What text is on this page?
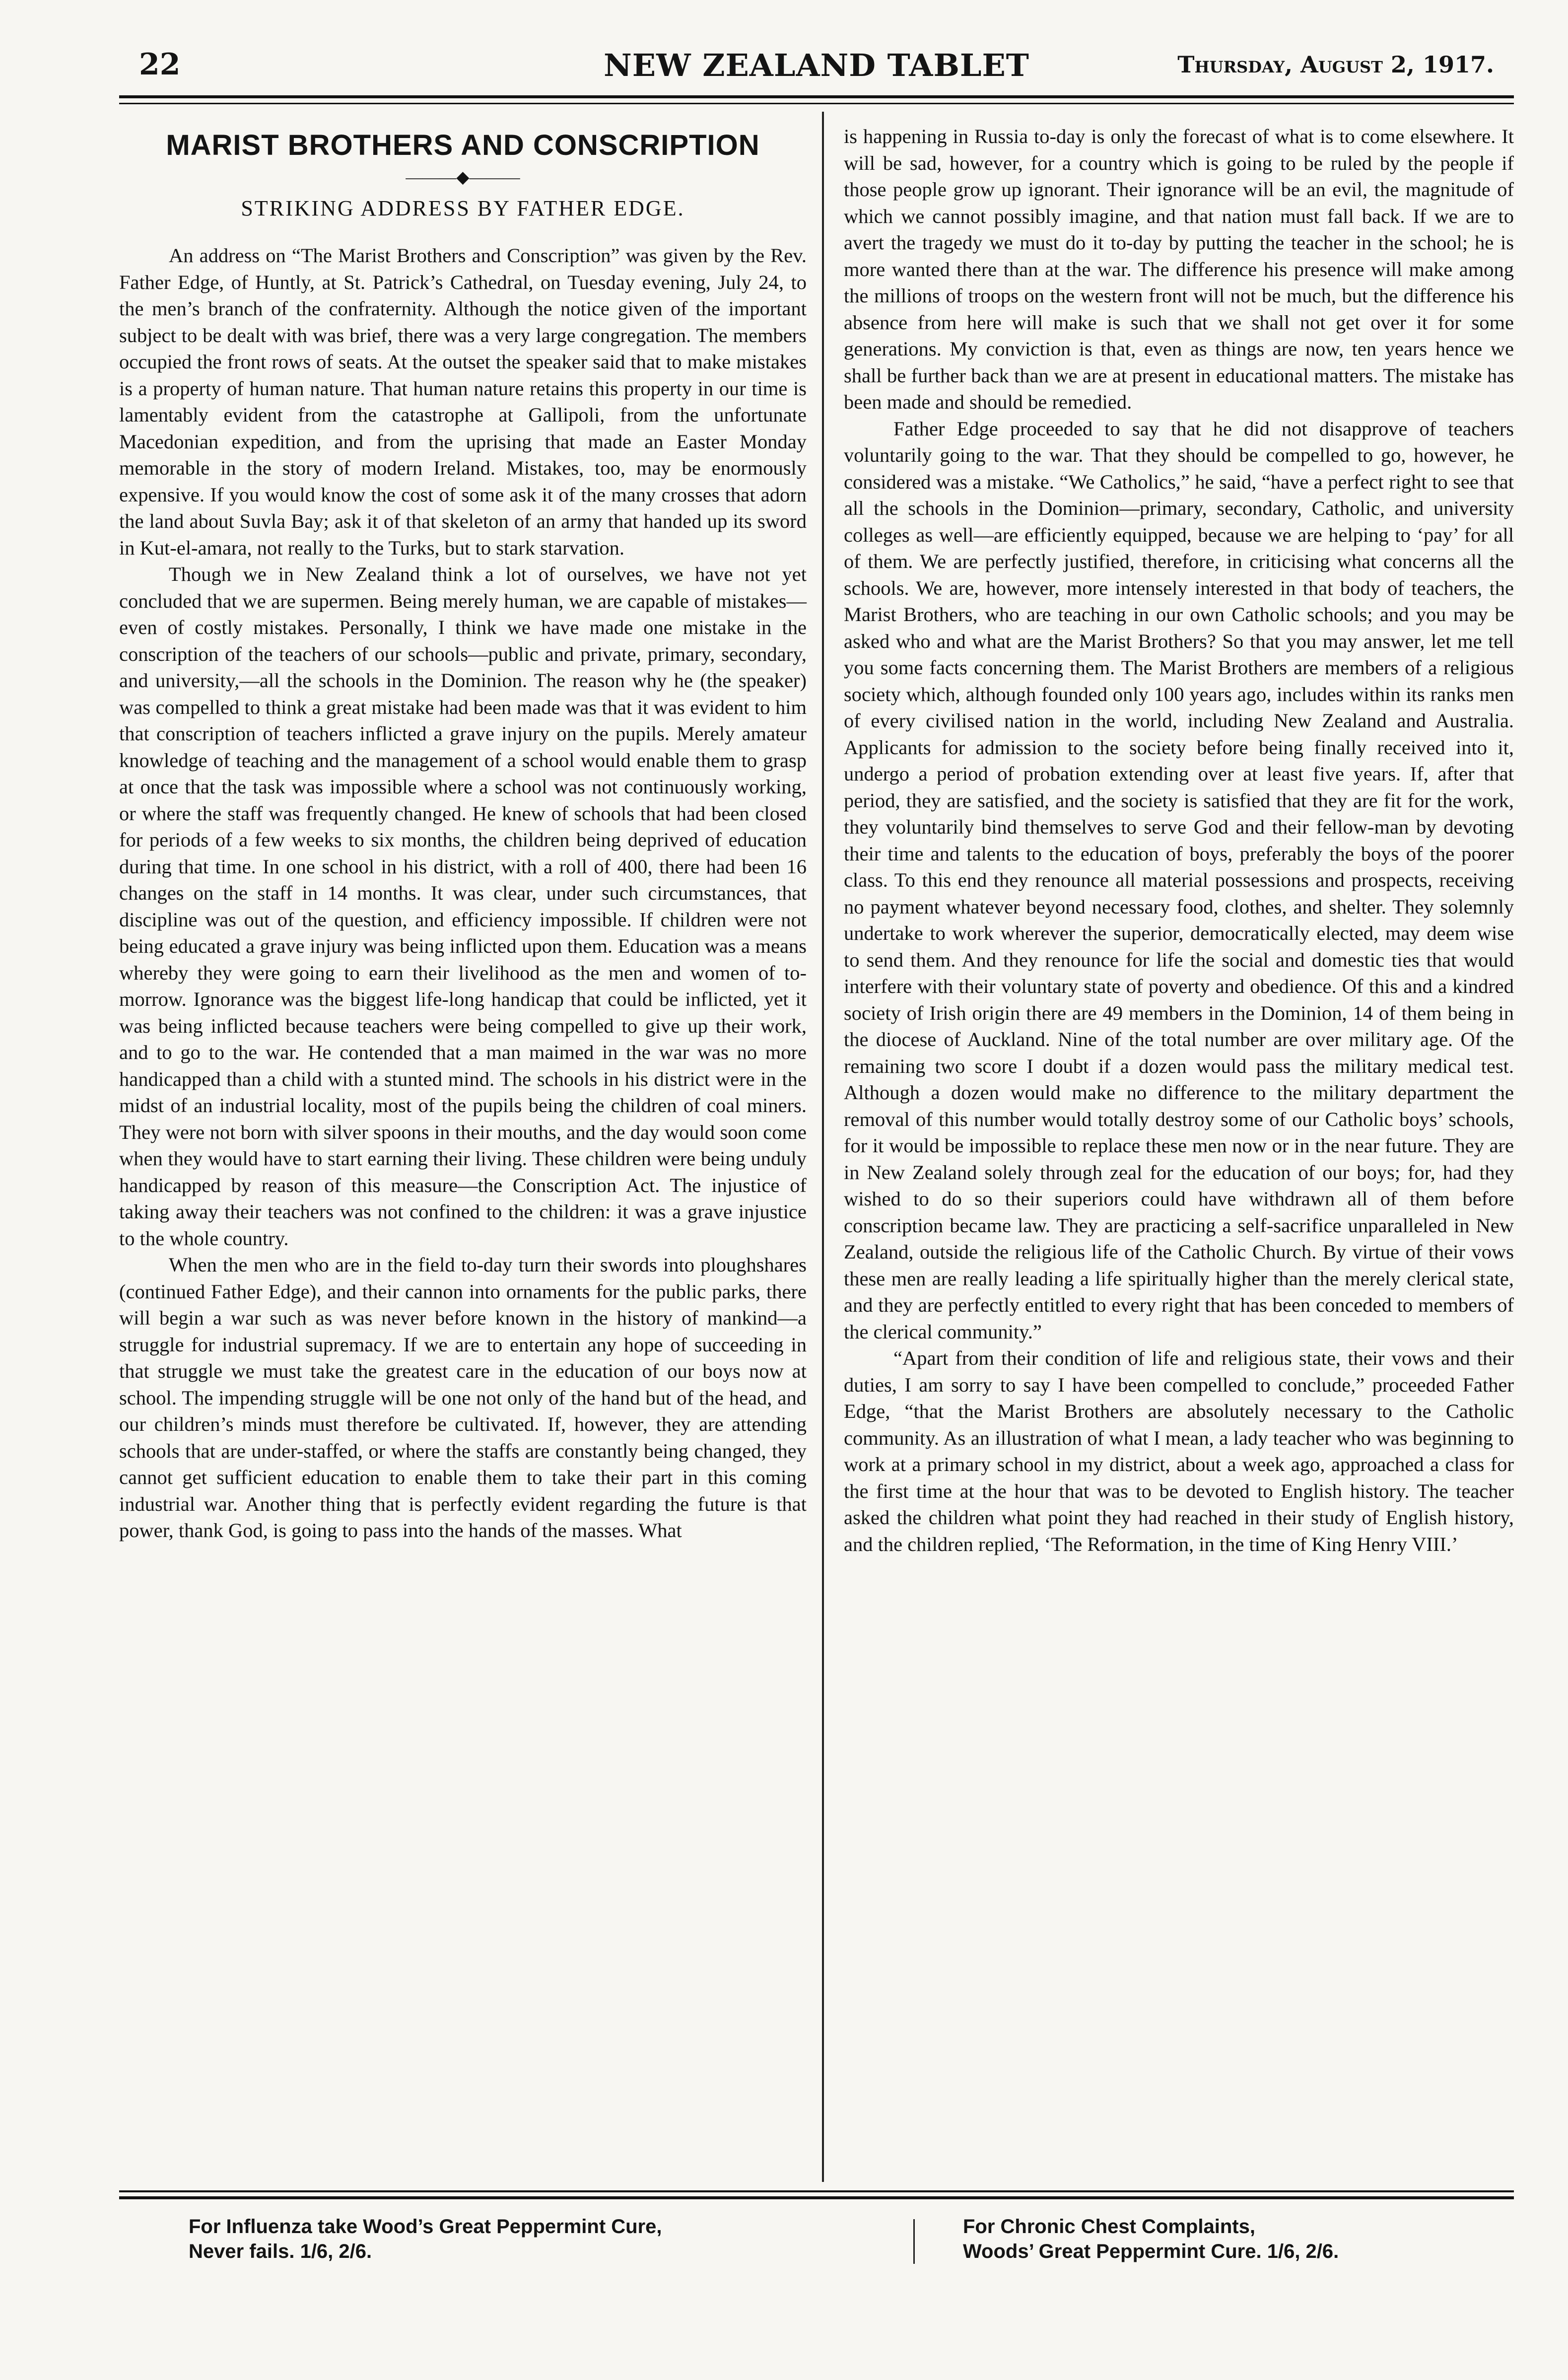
22	NEW ZEALAND TABLET	Thursday, August 2, 1917.
MARIST BROTHERS AND CONSCRIPTION
———◆———
STRIKING ADDRESS BY FATHER EDGE.

An address on “The Marist Brothers and Conscription” was given by the Rev. Father Edge, of Huntly, at St. Patrick’s Cathedral, on Tuesday evening, July 24, to the men’s branch of the confraternity. Although the notice given of the important subject to be dealt with was brief, there was a very large congregation. The members occupied the front rows of seats. At the outset the speaker said that to make mistakes is a property of human nature. That human nature retains this property in our time is lamentably evident from the catastrophe at Gallipoli, from the unfortunate Macedonian expedition, and from the uprising that made an Easter Monday memorable in the story of modern Ireland. Mistakes, too, may be enormously expensive. If you would know the cost of some ask it of the many crosses that adorn the land about Suvla Bay; ask it of that skeleton of an army that handed up its sword in Kut-el-amara, not really to the Turks, but to stark starvation.

Though we in New Zealand think a lot of ourselves, we have not yet concluded that we are supermen. Being merely human, we are capable of mistakes—even of costly mistakes. Personally, I think we have made one mistake in the conscription of the teachers of our schools—public and private, primary, secondary, and university,—all the schools in the Dominion. The reason why he (the speaker) was compelled to think a great mistake had been made was that it was evident to him that conscription of teachers inflicted a grave injury on the pupils. Merely amateur knowledge of teaching and the management of a school would enable them to grasp at once that the task was impossible where a school was not continuously working, or where the staff was frequently changed. He knew of schools that had been closed for periods of a few weeks to six months, the children being deprived of education during that time. In one school in his district, with a roll of 400, there had been 16 changes on the staff in 14 months. It was clear, under such circumstances, that discipline was out of the question, and efficiency impossible. If children were not being educated a grave injury was being inflicted upon them. Education was a means whereby they were going to earn their livelihood as the men and women of to-morrow. Ignorance was the biggest life-long handicap that could be inflicted, yet it was being inflicted because teachers were being compelled to give up their work, and to go to the war. He contended that a man maimed in the war was no more handicapped than a child with a stunted mind. The schools in his district were in the midst of an industrial locality, most of the pupils being the children of coal miners. They were not born with silver spoons in their mouths, and the day would soon come when they would have to start earning their living. These children were being unduly handicapped by reason of this measure—the Conscription Act. The injustice of taking away their teachers was not confined to the children: it was a grave injustice to the whole country.

When the men who are in the field to-day turn their swords into ploughshares (continued Father Edge), and their cannon into ornaments for the public parks, there will begin a war such as was never before known in the history of mankind—a struggle for industrial supremacy. If we are to entertain any hope of succeeding in that struggle we must take the greatest care in the education of our boys now at school. The impending struggle will be one not only of the hand but of the head, and our children’s minds must therefore be cultivated. If, however, they are attending schools that are under-staffed, or where the staffs are constantly being changed, they cannot get sufficient education to enable them to take their part in this coming industrial war. Another thing that is perfectly evident regarding the future is that power, thank God, is going to pass into the hands of the masses. What

is happening in Russia to-day is only the forecast of what is to come elsewhere. It will be sad, however, for a country which is going to be ruled by the people if those people grow up ignorant. Their ignorance will be an evil, the magnitude of which we cannot possibly imagine, and that nation must fall back. If we are to avert the tragedy we must do it to-day by putting the teacher in the school; he is more wanted there than at the war. The difference his presence will make among the millions of troops on the western front will not be much, but the difference his absence from here will make is such that we shall not get over it for some generations. My conviction is that, even as things are now, ten years hence we shall be further back than we are at present in educational matters. The mistake has been made and should be remedied.

Father Edge proceeded to say that he did not disapprove of teachers voluntarily going to the war. That they should be compelled to go, however, he considered was a mistake. “We Catholics,” he said, “have a perfect right to see that all the schools in the Dominion—primary, secondary, Catholic, and university colleges as well—are efficiently equipped, because we are helping to ‘pay’ for all of them. We are perfectly justified, therefore, in criticising what concerns all the schools. We are, however, more intensely interested in that body of teachers, the Marist Brothers, who are teaching in our own Catholic schools; and you may be asked who and what are the Marist Brothers? So that you may answer, let me tell you some facts concerning them. The Marist Brothers are members of a religious society which, although founded only 100 years ago, includes within its ranks men of every civilised nation in the world, including New Zealand and Australia. Applicants for admission to the society before being finally received into it, undergo a period of probation extending over at least five years. If, after that period, they are satisfied, and the society is satisfied that they are fit for the work, they voluntarily bind themselves to serve God and their fellow-man by devoting their time and talents to the education of boys, preferably the boys of the poorer class. To this end they renounce all material possessions and prospects, receiving no payment whatever beyond necessary food, clothes, and shelter. They solemnly undertake to work wherever the superior, democratically elected, may deem wise to send them. And they renounce for life the social and domestic ties that would interfere with their voluntary state of poverty and obedience. Of this and a kindred society of Irish origin there are 49 members in the Dominion, 14 of them being in the diocese of Auckland. Nine of the total number are over military age. Of the remaining two score I doubt if a dozen would pass the military medical test. Although a dozen would make no difference to the military department the removal of this number would totally destroy some of our Catholic boys’ schools, for it would be impossible to replace these men now or in the near future. They are in New Zealand solely through zeal for the education of our boys; for, had they wished to do so their superiors could have withdrawn all of them before conscription became law. They are practicing a self-sacrifice unparalleled in New Zealand, outside the religious life of the Catholic Church. By virtue of their vows these men are really leading a life spiritually higher than the merely clerical state, and they are perfectly entitled to every right that has been conceded to members of the clerical community.”

“Apart from their condition of life and religious state, their vows and their duties, I am sorry to say I have been compelled to conclude,” proceeded Father Edge, “that the Marist Brothers are absolutely necessary to the Catholic community. As an illustration of what I mean, a lady teacher who was beginning to work at a primary school in my district, about a week ago, approached a class for the first time at the hour that was to be devoted to English history. The teacher asked the children what point they had reached in their study of English history, and the children replied, ‘The Reformation, in the time of King Henry VIII.’

For Influenza take Wood’s Great Peppermint Cure,
Never fails. 1/6, 2/6.
For Chronic Chest Complaints,
Woods’ Great Peppermint Cure. 1/6, 2/6.
